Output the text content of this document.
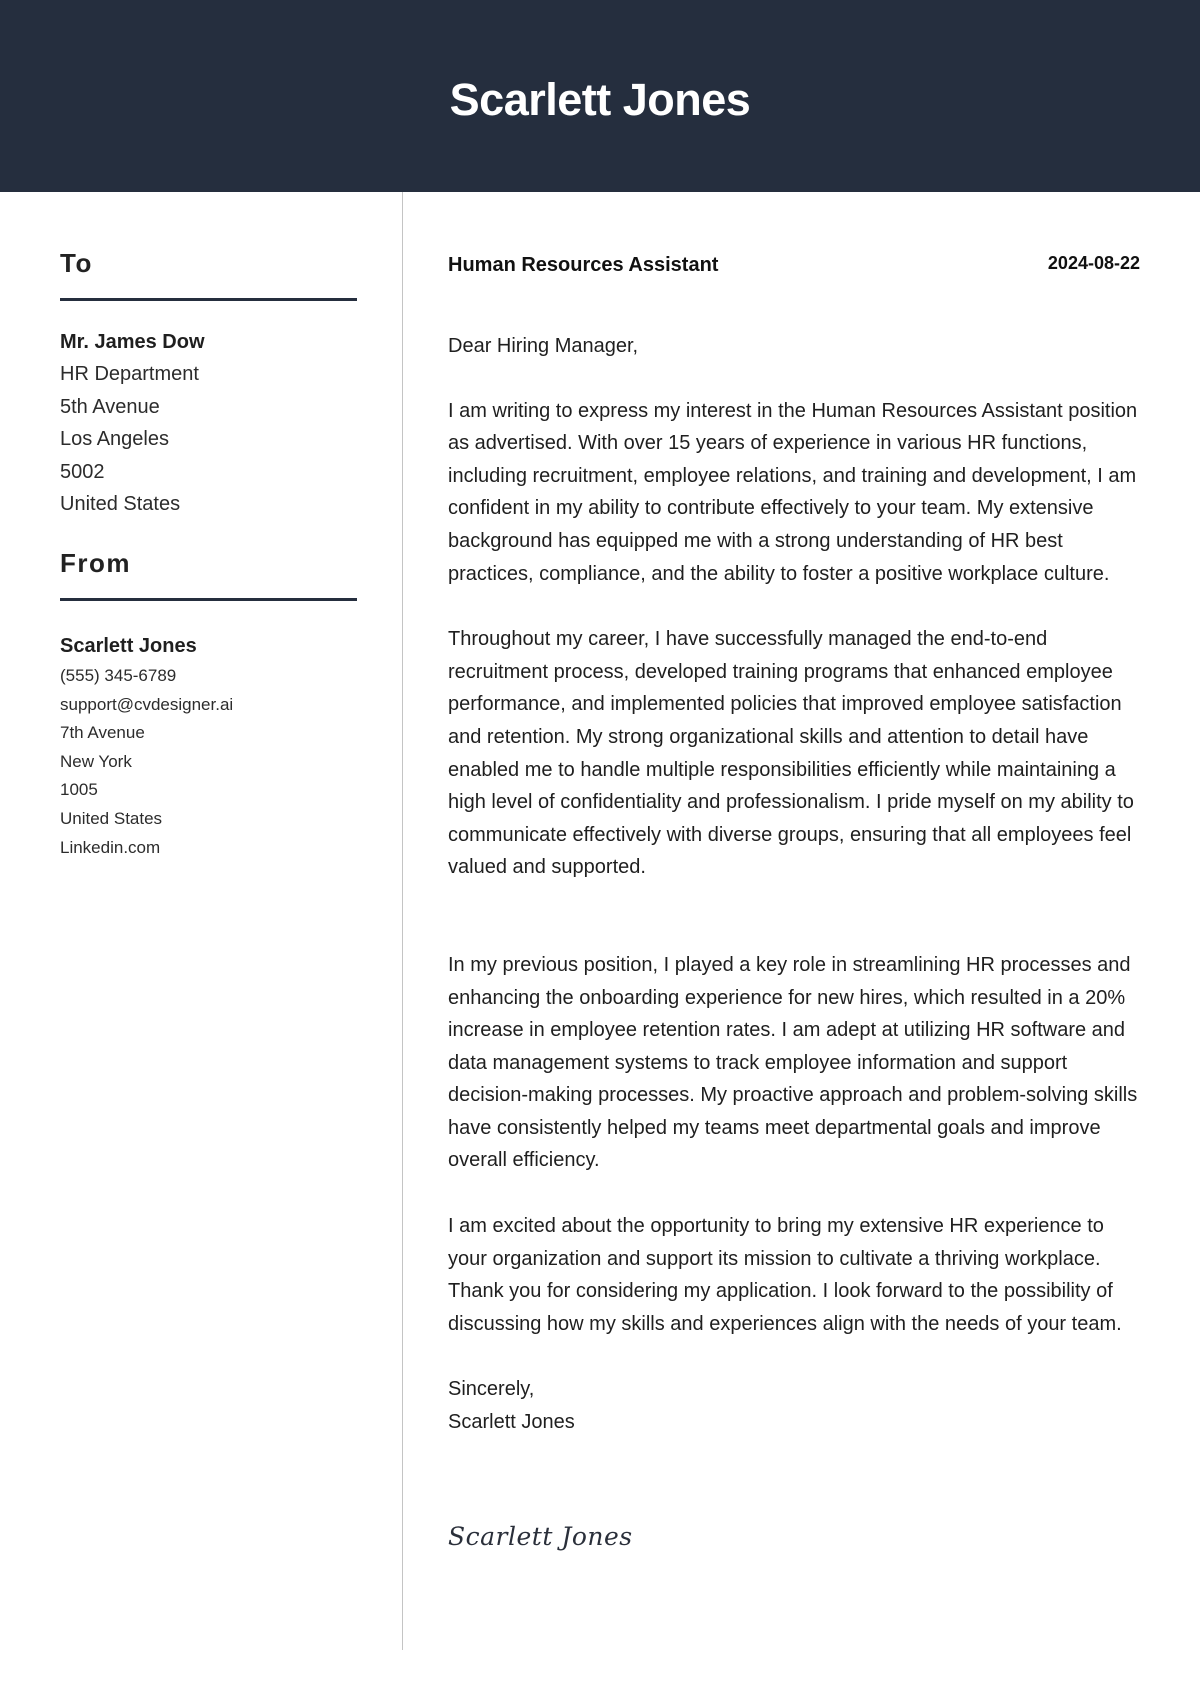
Scarlett Jones
To
Mr. James Dow
HR Department
5th Avenue
Los Angeles
5002
United States
From
Scarlett Jones
(555) 345-6789
support@cvdesigner.ai
7th Avenue
New York
1005
United States
Linkedin.com
Human Resources Assistant	2024-08-22

Dear Hiring Manager,

I am writing to express my interest in the Human Resources Assistant position as advertised. With over 15 years of experience in various HR functions, including recruitment, employee relations, and training and development, I am confident in my ability to contribute effectively to your team. My extensive background has equipped me with a strong understanding of HR best practices, compliance, and the ability to foster a positive workplace culture.

Throughout my career, I have successfully managed the end-to-end recruitment process, developed training programs that enhanced employee performance, and implemented policies that improved employee satisfaction and retention. My strong organizational skills and attention to detail have enabled me to handle multiple responsibilities efficiently while maintaining a high level of confidentiality and professionalism. I pride myself on my ability to communicate effectively with diverse groups, ensuring that all employees feel valued and supported.

In my previous position, I played a key role in streamlining HR processes and enhancing the onboarding experience for new hires, which resulted in a 20% increase in employee retention rates. I am adept at utilizing HR software and data management systems to track employee information and support decision-making processes. My proactive approach and problem-solving skills have consistently helped my teams meet departmental goals and improve overall efficiency.

I am excited about the opportunity to bring my extensive HR experience to your organization and support its mission to cultivate a thriving workplace. Thank you for considering my application. I look forward to the possibility of discussing how my skills and experiences align with the needs of your team.

Sincerely,

Scarlett Jones

Scarlett Jones
